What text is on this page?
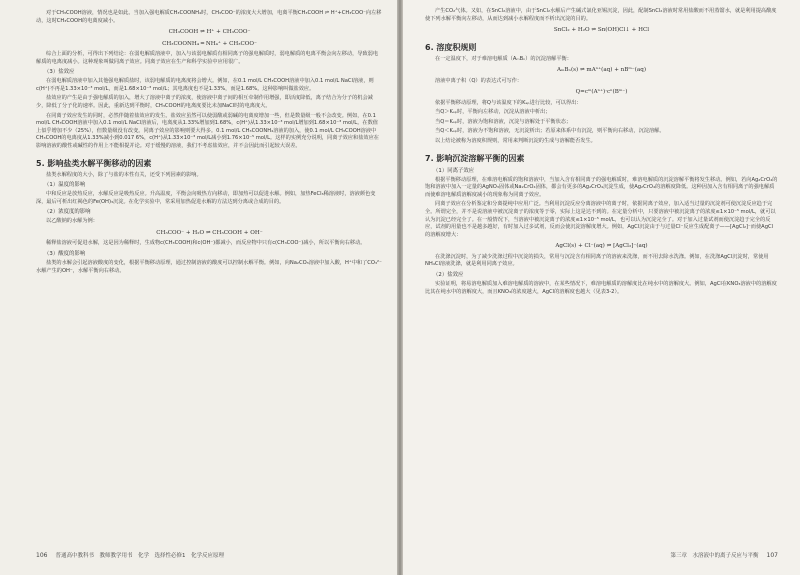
对于CH₃COOH溶液，情况也是如此。当加入强电解质CH₃COONH₄时，CH₃COO⁻的浓度大大增加，电离平衡CH₃COOH ⇌ H⁺+CH₃COO⁻向左移动，这时CH₃COOH的电离度减小。

CH₃COOH ⇌ H⁺ + CH₃COO⁻
CH₃COONH₄ ═ NH₄⁺ + CH₃COO⁻

综合上面的分析，可得出下列结论：在弱电解质溶液中，加入与该弱电解质有相同离子的强电解质时，弱电解质的电离平衡会向左移动，导致弱电解质的电离度减小。这种现象叫做同离子效应。同离子效应在生产和科学实验中应用很广。

（3）盐效应

在弱电解质溶液中加入其他强电解质盐时，该弱电解质的电离度将会增大。例如，在0.1 mol/L CH₃COOH溶液中加入0.1 mol/L NaCl溶液，则c(H⁺)不再是1.33×10⁻³ mol/L，而是1.68×10⁻³ mol/L；其电离度也不是1.33%，而是1.68%。这种影响叫做盐效应。

盐效应的产生是由于强电解质的加入，增大了溶液中离子的浓度，使溶液中离子间的相互牵制作用增强，即活度降低，离子结合为分子的机会减少，降低了分子化的速率。因此，重新达到平衡时，CH₃COOH的电离度要比未加NaCl时的电离度大。

在同离子效应发生的同时，必然伴随着盐效应的发生。盐效应虽然可以使弱酸或弱碱的电离度增加一些，但是数量级一般不会改变。例如，在0.1 mol/L CH₃COOH溶液中加入0.1 mol/L NaCl溶液后，电离度从1.33%增加到1.68%，c(H⁺)从1.33×10⁻³ mol/L增加到1.68×10⁻³ mol/L。在数值上似乎增加不少（25%），但数量级没有改变。同离子效应的影响则要大得多。0.1 mol/L CH₃COONH₄溶液的加入，使0.1 mol/L CH₃COOH溶液中CH₃COOH的电离度从1.33%减小到0.017 6%，c(H⁺)从1.33×10⁻³ mol/L减小到1.76×10⁻⁵ mol/L。这样的实例充分说明，同离子效应和盐效应在影响溶液的酸性或碱性的作用上不能相提并论。对于缓慢的溶液，我们不考虑盐效应，并不会因此而引起较大误差。

5. 影响盐类水解平衡移动的因素

盐类水解程度的大小，除了与盐的本性有关，还受下列因素的影响。

（1）温度的影响

中和反应是放热反应，水解反应是吸热反应。升高温度，平衡会向吸热方向移动，即加热可以促进水解。例如，加热FeCl₃稀溶液时，溶液颜色变深，最后可析出红褐色的Fe(OH)₃沉淀。在化学实验中，常采用加热促进水解的方法达到分离或合成的目的。

（2）浓度度的影响

以乙酸钠的水解为例：

CH₃COO⁻ + H₂O ⇌ CH₃COOH + OH⁻

稀释盐溶液可促进水解，这是因为稀释时，生成物c(CH₃COOH)和c(OH⁻)都减小，而反应物中只有c(CH₃COO⁻)减小，所以平衡向右移动。

（3）酸度的影响

盐类的水解会引起溶液酸度的变化，根据平衡移动原理，通过控制溶液的酸度可以控制水解平衡。例如，向Na₂CO₃溶液中加入酸，H⁺中和了CO₃²⁻水解产生的OH⁻，水解平衡向右移动。

106 普通高中教科书　教师教学用书　化学　选择性必修1　化学反应原理

产生CO₂气体。又如，在SnCl₂溶液中，由于SnCl₂水解后产生碱式氯化亚锡沉淀，因此，配制SnCl₂溶液时常用盐酸而不用蒸馏水，就是利用提高酸度使下列水解平衡向左移动，从而达到减小水解程度而不析出沉淀的目的。

SnCl₂ + H₂O ⇌ Sn(OH)Cl↓ + HCl
6. 溶度积规则

在一定温度下，对于难溶电解质（AₘBₙ）的沉淀溶解平衡：

AₘBₙ(s) ⇌ mAⁿ⁺(aq) + nBᵐ⁻(aq)

溶液中离子积（Q）的表达式可写作：

Q=cᵐ(Aⁿ⁺)·cⁿ(Bᵐ⁻)

依据平衡移动原理，将Q与该温度下的Kₛₚ进行比较，可以得出：

当Q＞Kₛₚ时，平衡向左移动，沉淀从溶液中析出；

当Q＝Kₛₚ时，溶液为饱和溶液，沉淀与溶解处于平衡状态；

当Q＜Kₛₚ时，溶液为不饱和溶液，无沉淀析出；若原来体系中有沉淀，则平衡向右移动，沉淀溶解。

以上结论被称为溶度积规则，常用来判断沉淀的生成与溶解能否发生。

7. 影响沉淀溶解平衡的因素
（1）同离子效应

根据平衡移动原理，在难溶电解质的饱和溶液中，当加入含有相同离子的强电解质时，难溶电解质的沉淀溶解平衡将发生移动。例如，若向Ag₂CrO₄的饱和溶液中加入一定量的AgNO₃固体或Na₂CrO₄固体，都会有更多的Ag₂CrO₄沉淀生成，使Ag₂CrO₄的溶解度降低。这种因加入含有相同离子的强电解质而使难溶电解质溶解度减小的现象称为同离子效应。

同离子效应在分析鉴定和分离提纯中应用广泛。当利用沉淀反应分离溶液中的离子时，依据同离子效应，加入适当过量的沉淀剂可使沉淀反应趋于完全。所谓完全，并不是说溶液中被沉淀离子的浓度等于零，实际上这是达不到的。在定量分析中，只要溶液中被沉淀离子的浓度≤1×10⁻⁵ mol/L，就可以认为沉淀已经完全了。在一般情况下，当溶液中被沉淀离子的浓度≤1×10⁻⁵ mol/L，也可以认为沉淀完全了。对于加入过量试剂而使沉淀趋于完全的反应，试剂的用量也不是越多越好，有时加入过多试剂，反而会使沉淀溶解度增大。例如，AgCl沉淀由于与过量Cl⁻反应生成配离子——[AgCl₂]⁻而使AgCl的溶解度增大：

AgCl(s) + Cl⁻(aq) ⇌ [AgCl₂]⁻(aq)

在洗涤沉淀时，为了减少洗涤过程中沉淀的损失，常用与沉淀含有相同离子的溶液来洗涤，而不用去除水洗涤。例如，在洗涤AgCl沉淀时，常使用NH₄Cl溶液洗涤，就是利用同离子效应。

（2）盐效应

实验证明，将易溶电解质加入难溶电解质的溶液中，在某些情况下，难溶电解质的溶解度比在纯水中的溶解度大。例如，AgCl在KNO₃溶液中的溶解度比其在纯水中的溶解度大，而且KNO₃的浓度越大，AgCl的溶解度也越大（见表3-2）。

第三章　水溶液中的离子反应与平衡 107
